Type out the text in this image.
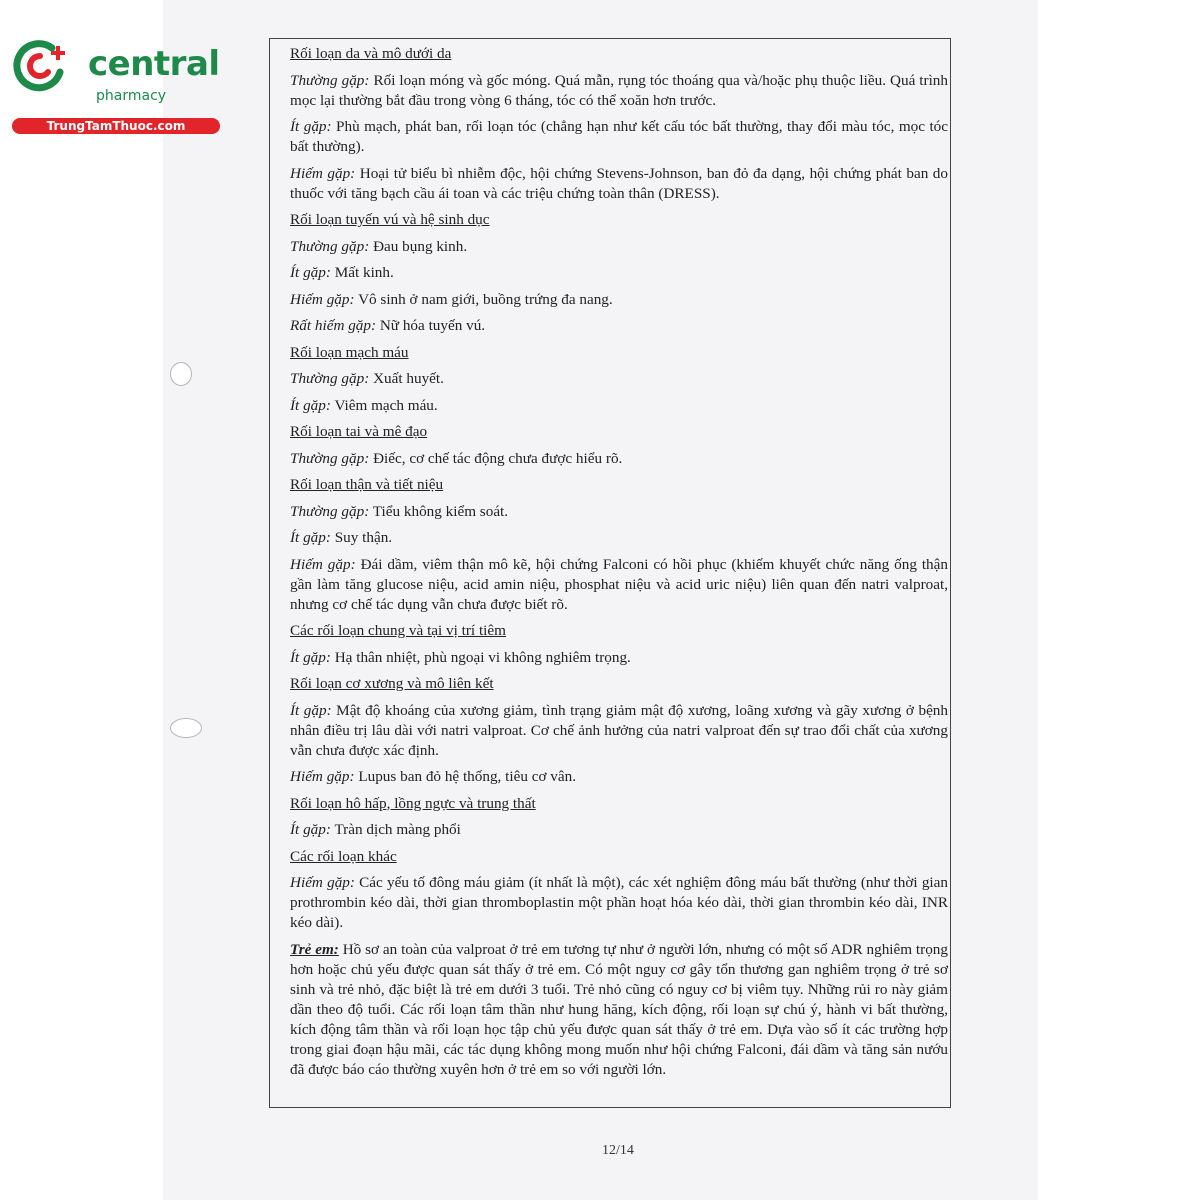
central
pharmacy
TrungTamThuoc.com

Rối loạn da và mô dưới da

Thường gặp: Rối loạn móng và gốc móng. Quá mẫn, rụng tóc thoáng qua và/hoặc phụ thuộc liều. Quá trình mọc lại thường bắt đầu trong vòng 6 tháng, tóc có thể xoăn hơn trước.

Ít gặp: Phù mạch, phát ban, rối loạn tóc (chẳng hạn như kết cấu tóc bất thường, thay đổi màu tóc, mọc tóc bất thường).

Hiếm gặp: Hoại tử biểu bì nhiễm độc, hội chứng Stevens-Johnson, ban đỏ đa dạng, hội chứng phát ban do thuốc với tăng bạch cầu ái toan và các triệu chứng toàn thân (DRESS).

Rối loạn tuyến vú và hệ sinh dục

Thường gặp: Đau bụng kinh.

Ít gặp: Mất kinh.

Hiếm gặp: Vô sinh ở nam giới, buồng trứng đa nang.

Rất hiếm gặp: Nữ hóa tuyến vú.

Rối loạn mạch máu

Thường gặp: Xuất huyết.

Ít gặp: Viêm mạch máu.

Rối loạn tai và mê đạo

Thường gặp: Điếc, cơ chế tác động chưa được hiểu rõ.

Rối loạn thận và tiết niệu

Thường gặp: Tiểu không kiểm soát.

Ít gặp: Suy thận.

Hiếm gặp: Đái dầm, viêm thận mô kẽ, hội chứng Falconi có hồi phục (khiếm khuyết chức năng ống thận gần làm tăng glucose niệu, acid amin niệu, phosphat niệu và acid uric niệu) liên quan đến natri valproat, nhưng cơ chế tác dụng vẫn chưa được biết rõ.

Các rối loạn chung và tại vị trí tiêm

Ít gặp: Hạ thân nhiệt, phù ngoại vi không nghiêm trọng.

Rối loạn cơ xương và mô liên kết

Ít gặp: Mật độ khoáng của xương giảm, tình trạng giảm mật độ xương, loãng xương và gãy xương ở bệnh nhân điều trị lâu dài với natri valproat. Cơ chế ảnh hưởng của natri valproat đến sự trao đổi chất của xương vẫn chưa được xác định.

Hiếm gặp: Lupus ban đỏ hệ thống, tiêu cơ vân.

Rối loạn hô hấp, lồng ngực và trung thất

Ít gặp: Tràn dịch màng phổi

Các rối loạn khác

Hiếm gặp: Các yếu tố đông máu giảm (ít nhất là một), các xét nghiệm đông máu bất thường (như thời gian prothrombin kéo dài, thời gian thromboplastin một phần hoạt hóa kéo dài, thời gian thrombin kéo dài, INR kéo dài).

Trẻ em: Hồ sơ an toàn của valproat ở trẻ em tương tự như ở người lớn, nhưng có một số ADR nghiêm trọng hơn hoặc chủ yếu được quan sát thấy ở trẻ em. Có một nguy cơ gây tổn thương gan nghiêm trọng ở trẻ sơ sinh và trẻ nhỏ, đặc biệt là trẻ em dưới 3 tuổi. Trẻ nhỏ cũng có nguy cơ bị viêm tụy. Những rủi ro này giảm dần theo độ tuổi. Các rối loạn tâm thần như hung hăng, kích động, rối loạn sự chú ý, hành vi bất thường, kích động tâm thần và rối loạn học tập chủ yếu được quan sát thấy ở trẻ em. Dựa vào số ít các trường hợp trong giai đoạn hậu mãi, các tác dụng không mong muốn như hội chứng Falconi, đái dầm và tăng sản nướu đã được báo cáo thường xuyên hơn ở trẻ em so với người lớn.

12/14
